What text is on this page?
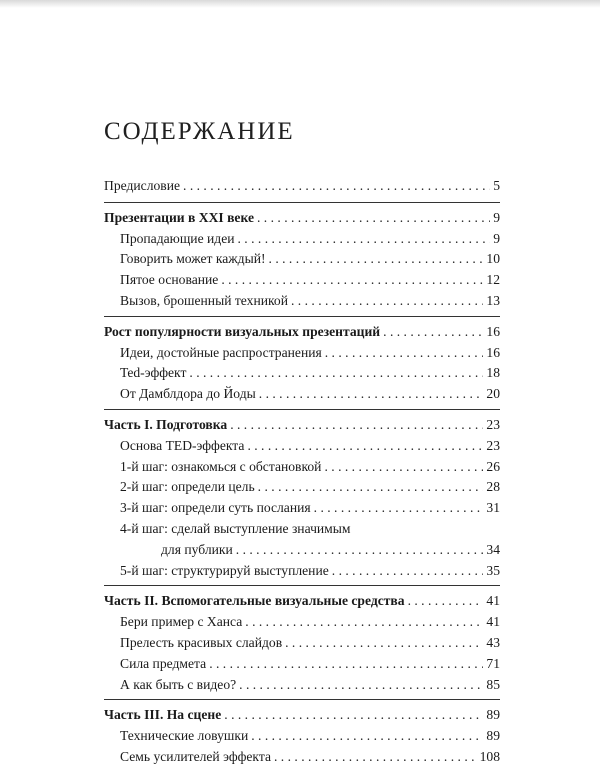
СОДЕРЖАНИЕ
Предисловие . . .	5
Презентации в XXI веке . . .	9
Пропадающие идеи . . .	9
Говорить может каждый! . . .	10
Пятое основание . . .	12
Вызов, брошенный техникой . . .	13
Рост популярности визуальных презентаций . . .	16
Идеи, достойные распространения . . .	16
Ted-эффект . . .	18
От Дамблдора до Йоды . . .	20
Часть I. Подготовка . . .	23
Основа TED-эффекта . . .	23
1-й шаг: ознакомься с обстановкой . . .	26
2-й шаг: определи цель . . .	28
3-й шаг: определи суть послания . . .	31
4-й шаг: сделай выступление значимым
для публики . . .	34
5-й шаг: структурируй выступление . . .	35
Часть II. Вспомогательные визуальные средства . . .	41
Бери пример с Ханса . . .	41
Прелесть красивых слайдов . . .	43
Сила предмета . . .	71
А как быть с видео? . . .	85
Часть III. На сцене . . .	89
Технические ловушки . . .	89
Семь усилителей эффекта . . .	108
